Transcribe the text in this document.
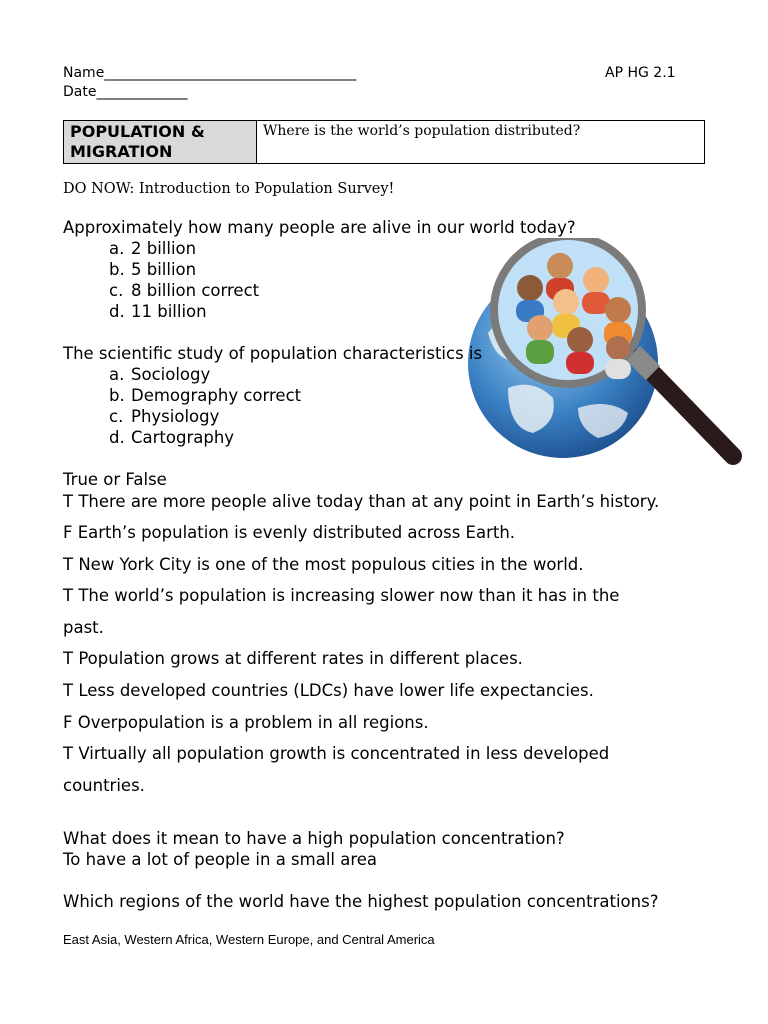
Name____________________________________
Date_____________
AP HG 2.1
POPULATION & MIGRATION	Where is the world’s population distributed?
DO NOW: Introduction to Population Survey!
Approximately how many people are alive in our world today?
a. 2 billion
b. 5 billion
c. 8 billion correct
d. 11 billion
The scientific study of population characteristics is
a. Sociology
b. Demography correct
c. Physiology
d. Cartography
True or False
T There are more people alive today than at any point in Earth’s history.
F Earth’s population is evenly distributed across Earth.
T New York City is one of the most populous cities in the world.
T The world’s population is increasing slower now than it has in the
past.
T Population grows at different rates in different places.
T Less developed countries (LDCs) have lower life expectancies.
F Overpopulation is a problem in all regions.
T Virtually all population growth is concentrated in less developed
countries.
What does it mean to have a high population concentration?
To have a lot of people in a small area
Which regions of the world have the highest population concentrations?
East Asia, Western Africa, Western Europe, and Central America
